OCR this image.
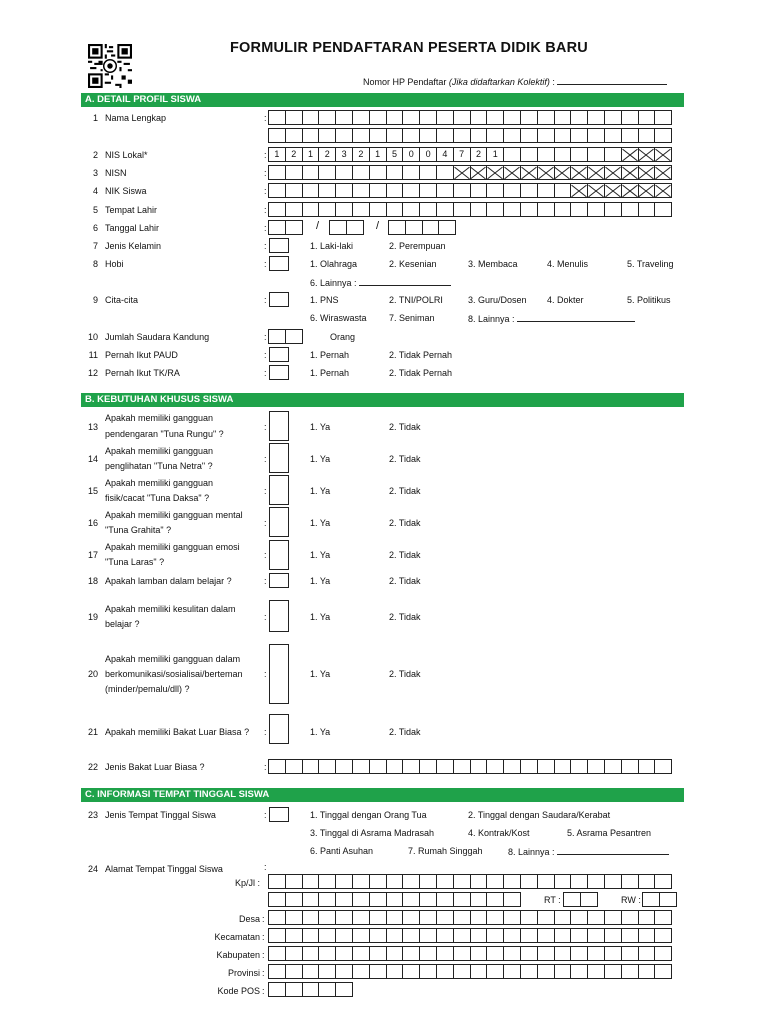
FORMULIR PENDAFTARAN PESERTA DIDIK BARU
Nomor HP Pendaftar (Jika didaftarkan Kolektif) :
A. DETAIL PROFIL SISWA
1 Nama Lengkap	:
2 NIS Lokal*	: 1	2	1	2	3	2	1	5	0	0	4	7	2	1
3 NISN	:
4 NIK Siswa	:
5 Tempat Lahir	:
6 Tanggal Lahir	:	/	/
7 Jenis Kelamin	:	1. Laki-laki	2. Perempuan
8 Hobi	:	1. Olahraga	2. Kesenian	3. Membaca	4. Menulis	5. Traveling
6. Lainnya :
9 Cita-cita	:	1. PNS	2. TNI/POLRI	3. Guru/Dosen 4. Dokter	5. Politikus
6. Wiraswasta 7. Seniman	8. Lainnya :
10 Jumlah Saudara Kandung	:	Orang
11 Pernah Ikut PAUD	:	1. Pernah	2. Tidak Pernah
12 Pernah Ikut TK/RA	:	1. Pernah	2. Tidak Pernah
B. KEBUTUHAN KHUSUS SISWA
13
Apakah memiliki gangguan
pendengaran "Tuna Rungu" ?
:	1. Ya	2. Tidak
14
Apakah memiliki gangguan
penglihatan "Tuna Netra" ?
:	1. Ya	2. Tidak
15
Apakah memiliki gangguan
fisik/cacat "Tuna Daksa" ?
:	1. Ya	2. Tidak
16
Apakah memiliki gangguan mental
"Tuna Grahita" ?
:	1. Ya	2. Tidak
17
Apakah memiliki gangguan emosi
"Tuna Laras" ?
:	1. Ya	2. Tidak
18 Apakah lamban dalam belajar ?	:	1. Ya	2. Tidak
19
Apakah memiliki kesulitan dalam
belajar ?
:	1. Ya	2. Tidak
20
Apakah memiliki gangguan dalam
berkomunikasi/sosialisai/berteman
(minder/pemalu/dll) ?
:	1. Ya	2. Tidak
21 Apakah memiliki Bakat Luar Biasa ? :	1. Ya	2. Tidak
22 Jenis Bakat Luar Biasa ?	:
C. INFORMASI TEMPAT TINGGAL SISWA
23 Jenis Tempat Tinggal Siswa	:	1. Tinggal dengan Orang Tua	2. Tinggal dengan Saudara/Kerabat
3. Tinggal di Asrama Madrasah	4. Kontrak/Kost	5. Asrama Pesantren
6. Panti Asuhan	7. Rumah Singgah	8. Lainnya :
24 Alamat Tempat Tinggal Siswa	:
Kp/Jl :
RT :	RW :
Desa :
Kecamatan :
Kabupaten :
Provinsi :
Kode POS :
